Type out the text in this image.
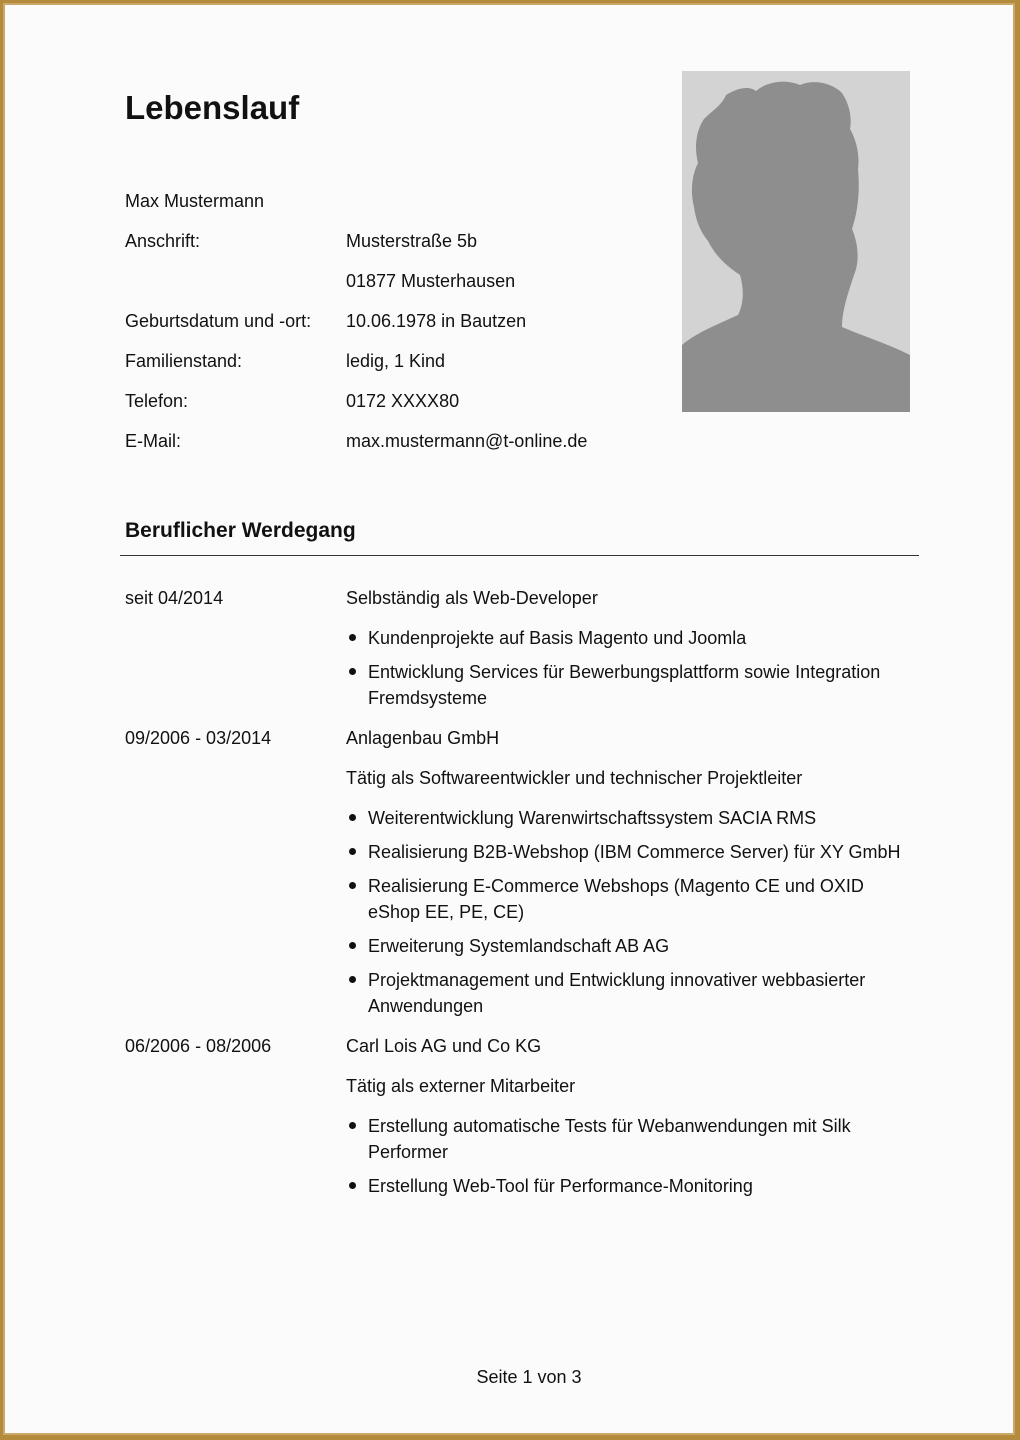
Lebenslauf
Max Mustermann
Anschrift:	Musterstraße 5b
01877 Musterhausen
Geburtsdatum und -ort: 10.06.1978 in Bautzen
Familienstand:	ledig, 1 Kind
Telefon:	0172 XXXX80
E-Mail:	max.mustermann@t-online.de
Beruflicher Werdegang
seit 04/2014	Selbständig als Web-Developer
Kundenprojekte auf Basis Magento und Joomla
Entwicklung Services für Bewerbungsplattform sowie Integration Fremdsysteme
09/2006 - 03/2014	Anlagenbau GmbH
Tätig als Softwareentwickler und technischer Projektleiter
Weiterentwicklung Warenwirtschaftssystem SACIA RMS
Realisierung B2B-Webshop (IBM Commerce Server) für XY GmbH
Realisierung E-Commerce Webshops (Magento CE und OXID eShop EE, PE, CE)
Erweiterung Systemlandschaft AB AG
Projektmanagement und Entwicklung innovativer webbasierter Anwendungen
06/2006 - 08/2006	Carl Lois AG und Co KG
Tätig als externer Mitarbeiter
Erstellung automatische Tests für Webanwendungen mit Silk Performer
Erstellung Web-Tool für Performance-Monitoring
Seite 1 von 3
